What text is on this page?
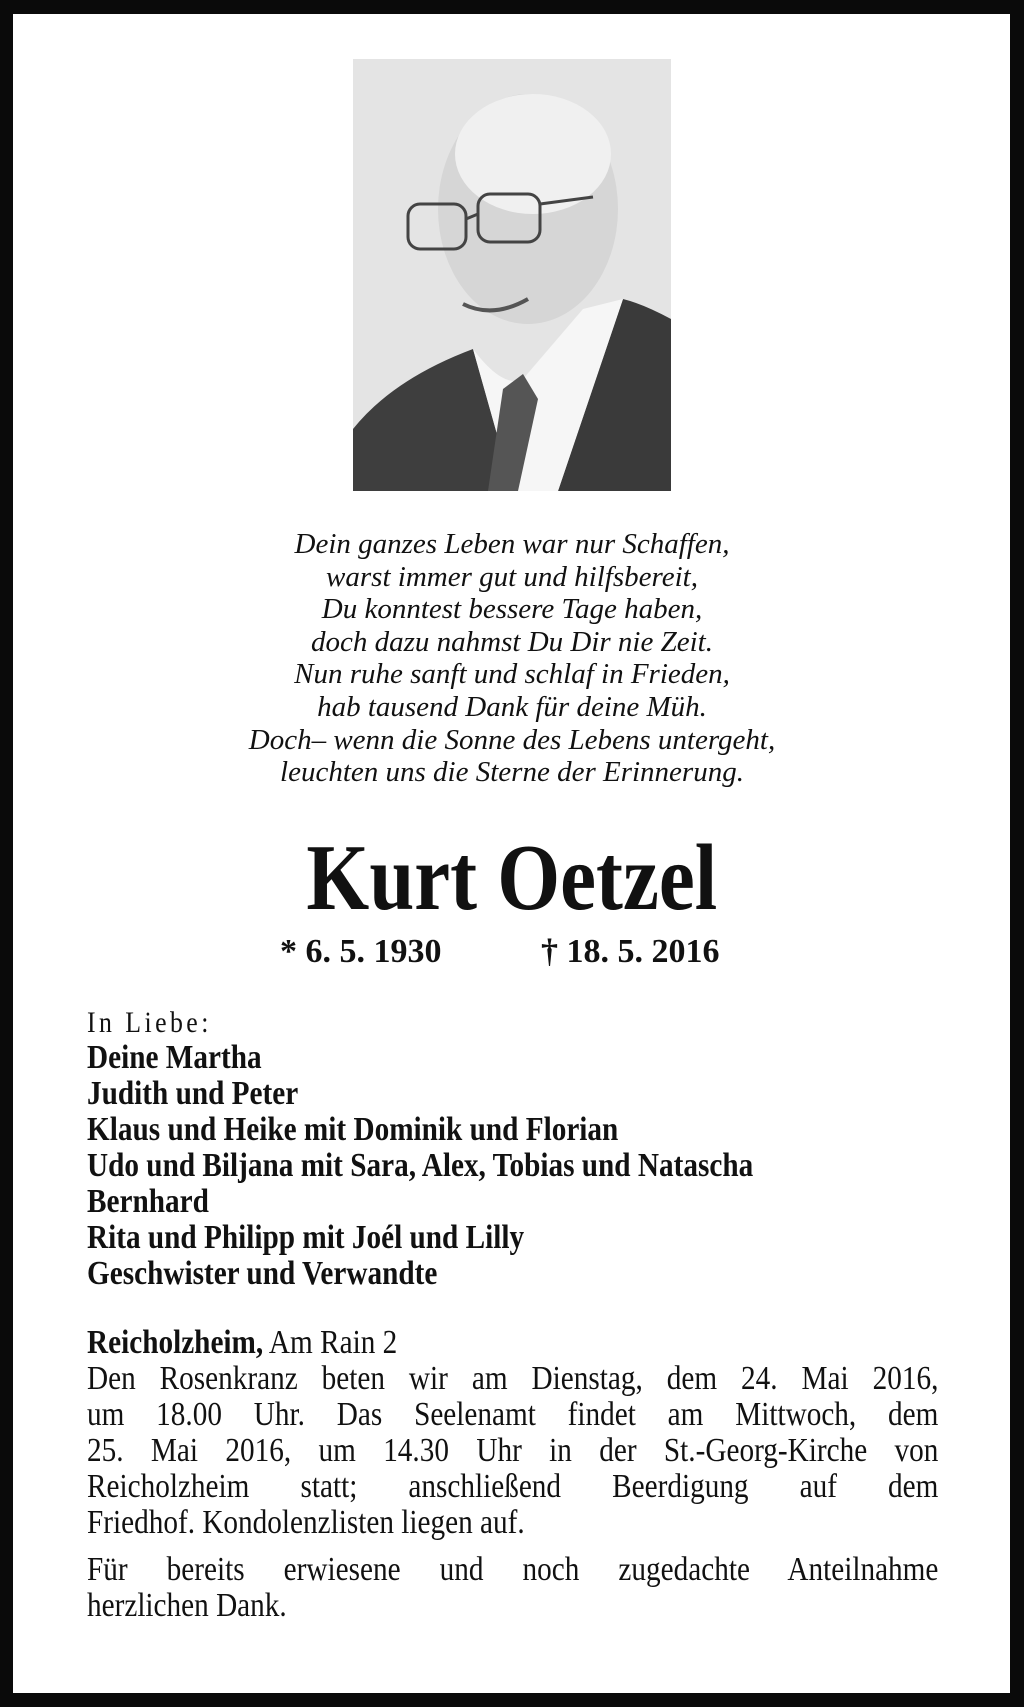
Dein ganzes Leben war nur Schaffen,
warst immer gut und hilfsbereit,
Du konntest bessere Tage haben,
doch dazu nahmst Du Dir nie Zeit.
Nun ruhe sanft und schlaf in Frieden,
hab tausend Dank für deine Müh.
Doch– wenn die Sonne des Lebens untergeht,
leuchten uns die Sterne der Erinnerung.
Kurt Oetzel
* 6. 5. 1930	† 18. 5. 2016
In Liebe:
Deine Martha
Judith und Peter
Klaus und Heike mit Dominik und Florian
Udo und Biljana mit Sara, Alex, Tobias und Natascha
Bernhard
Rita und Philipp mit Joél und Lilly
Geschwister und Verwandte
Reicholzheim, Am Rain 2
Den Rosenkranz beten wir am Dienstag, dem 24. Mai 2016,
um 18.00 Uhr. Das Seelenamt findet am Mittwoch, dem
25. Mai 2016, um 14.30 Uhr in der St.-Georg-Kirche von
Reicholzheim statt; anschließend Beerdigung auf dem
Friedhof. Kondolenzlisten liegen auf.
Für bereits erwiesene und noch zugedachte Anteilnahme
herzlichen Dank.
